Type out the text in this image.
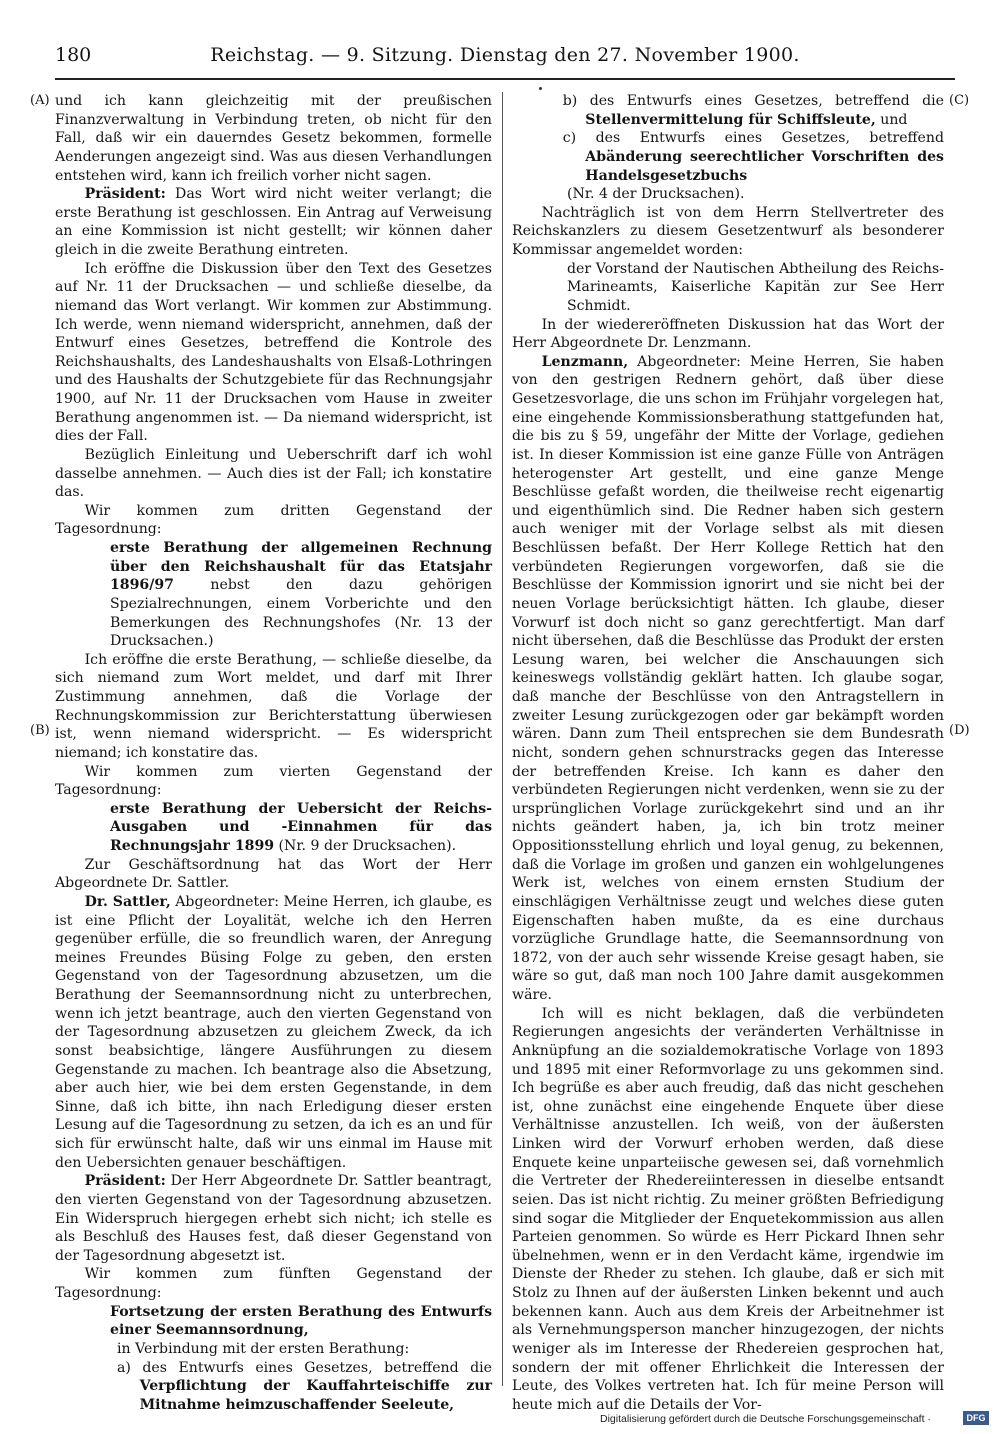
180	Reichstag. — 9. Sitzung. Dienstag den 27. November 1900.
(A)
(B)
(C)
(D)

und ich kann gleichzeitig mit der preußischen Finanzverwaltung in Verbindung treten, ob nicht für den Fall, daß wir ein dauerndes Gesetz bekommen, formelle Aenderungen angezeigt sind. Was aus diesen Verhandlungen entstehen wird, kann ich freilich vorher nicht sagen.

Präsident: Das Wort wird nicht weiter verlangt; die erste Berathung ist geschlossen. Ein Antrag auf Verweisung an eine Kommission ist nicht gestellt; wir können daher gleich in die zweite Berathung eintreten.

Ich eröffne die Diskussion über den Text des Gesetzes auf Nr. 11 der Drucksachen — und schließe dieselbe, da niemand das Wort verlangt. Wir kommen zur Abstimmung. Ich werde, wenn niemand widerspricht, annehmen, daß der Entwurf eines Gesetzes, betreffend die Kontrole des Reichshaushalts, des Landeshaushalts von Elsaß-Lothringen und des Haushalts der Schutzgebiete für das Rechnungsjahr 1900, auf Nr. 11 der Drucksachen vom Hause in zweiter Berathung angenommen ist. — Da niemand widerspricht, ist dies der Fall.

Bezüglich Einleitung und Ueberschrift darf ich wohl dasselbe annehmen. — Auch dies ist der Fall; ich konstatire das.

Wir kommen zum dritten Gegenstand der Tagesordnung:

erste Berathung der allgemeinen Rechnung über den Reichshaushalt für das Etatsjahr 1896/97 nebst den dazu gehörigen Spezialrechnungen, einem Vorberichte und den Bemerkungen des Rechnungshofes (Nr. 13 der Drucksachen.)

Ich eröffne die erste Berathung, — schließe dieselbe, da sich niemand zum Wort meldet, und darf mit Ihrer Zustimmung annehmen, daß die Vorlage der Rechnungskommission zur Berichterstattung überwiesen ist, wenn niemand widerspricht. — Es widerspricht niemand; ich konstatire das.

Wir kommen zum vierten Gegenstand der Tagesordnung:

erste Berathung der Uebersicht der Reichs-Ausgaben und -Einnahmen für das Rechnungsjahr 1899 (Nr. 9 der Drucksachen).

Zur Geschäftsordnung hat das Wort der Herr Abgeordnete Dr. Sattler.

Dr. Sattler, Abgeordneter: Meine Herren, ich glaube, es ist eine Pflicht der Loyalität, welche ich den Herren gegenüber erfülle, die so freundlich waren, der Anregung meines Freundes Büsing Folge zu geben, den ersten Gegenstand von der Tagesordnung abzusetzen, um die Berathung der Seemannsordnung nicht zu unterbrechen, wenn ich jetzt beantrage, auch den vierten Gegenstand von der Tagesordnung abzusetzen zu gleichem Zweck, da ich sonst beabsichtige, längere Ausführungen zu diesem Gegenstande zu machen. Ich beantrage also die Absetzung, aber auch hier, wie bei dem ersten Gegenstande, in dem Sinne, daß ich bitte, ihn nach Erledigung dieser ersten Lesung auf die Tagesordnung zu setzen, da ich es an und für sich für erwünscht halte, daß wir uns einmal im Hause mit den Uebersichten genauer beschäftigen.

Präsident: Der Herr Abgeordnete Dr. Sattler beantragt, den vierten Gegenstand von der Tagesordnung abzusetzen. Ein Widerspruch hiergegen erhebt sich nicht; ich stelle es als Beschluß des Hauses fest, daß dieser Gegenstand von der Tagesordnung abgesetzt ist.

Wir kommen zum fünften Gegenstand der Tagesordnung:

Fortsetzung der ersten Berathung des Entwurfs einer Seemannsordnung,

in Verbindung mit der ersten Berathung:

a) des Entwurfs eines Gesetzes, betreffend die Verpflichtung der Kauffahrteischiffe zur Mitnahme heimzuschaffender Seeleute,

b) des Entwurfs eines Gesetzes, betreffend die Stellenvermittelung für Schiffsleute, und

c) des Entwurfs eines Gesetzes, betreffend Abänderung seerechtlicher Vorschriften des Handelsgesetzbuchs

(Nr. 4 der Drucksachen).

Nachträglich ist von dem Herrn Stellvertreter des Reichskanzlers zu diesem Gesetzentwurf als besonderer Kommissar angemeldet worden:

der Vorstand der Nautischen Abtheilung des Reichs-Marineamts, Kaiserliche Kapitän zur See Herr Schmidt.

In der wiedereröffneten Diskussion hat das Wort der Herr Abgeordnete Dr. Lenzmann.

Lenzmann, Abgeordneter: Meine Herren, Sie haben von den gestrigen Rednern gehört, daß über diese Gesetzesvorlage, die uns schon im Frühjahr vorgelegen hat, eine eingehende Kommissionsberathung stattgefunden hat, die bis zu § 59, ungefähr der Mitte der Vorlage, gediehen ist. In dieser Kommission ist eine ganze Fülle von Anträgen heterogenster Art gestellt, und eine ganze Menge Beschlüsse gefaßt worden, die theilweise recht eigenartig und eigenthümlich sind. Die Redner haben sich gestern auch weniger mit der Vorlage selbst als mit diesen Beschlüssen befaßt. Der Herr Kollege Rettich hat den verbündeten Regierungen vorgeworfen, daß sie die Beschlüsse der Kommission ignorirt und sie nicht bei der neuen Vorlage berücksichtigt hätten. Ich glaube, dieser Vorwurf ist doch nicht so ganz gerechtfertigt. Man darf nicht übersehen, daß die Beschlüsse das Produkt der ersten Lesung waren, bei welcher die Anschauungen sich keineswegs vollständig geklärt hatten. Ich glaube sogar, daß manche der Beschlüsse von den Antragstellern in zweiter Lesung zurückgezogen oder gar bekämpft worden wären. Dann zum Theil entsprechen sie dem Bundesrath nicht, sondern gehen schnurstracks gegen das Interesse der betreffenden Kreise. Ich kann es daher den verbündeten Regierungen nicht verdenken, wenn sie zu der ursprünglichen Vorlage zurückgekehrt sind und an ihr nichts geändert haben, ja, ich bin trotz meiner Oppositionsstellung ehrlich und loyal genug, zu bekennen, daß die Vorlage im großen und ganzen ein wohlgelungenes Werk ist, welches von einem ernsten Studium der einschlägigen Verhältnisse zeugt und welches diese guten Eigenschaften haben mußte, da es eine durchaus vorzügliche Grundlage hatte, die Seemannsordnung von 1872, von der auch sehr wissende Kreise gesagt haben, sie wäre so gut, daß man noch 100 Jahre damit ausgekommen wäre.

Ich will es nicht beklagen, daß die verbündeten Regierungen angesichts der veränderten Verhältnisse in Anknüpfung an die sozialdemokratische Vorlage von 1893 und 1895 mit einer Reformvorlage zu uns gekommen sind. Ich begrüße es aber auch freudig, daß das nicht geschehen ist, ohne zunächst eine eingehende Enquete über diese Verhältnisse anzustellen. Ich weiß, von der äußersten Linken wird der Vorwurf erhoben werden, daß diese Enquete keine unparteiische gewesen sei, daß vornehmlich die Vertreter der Rhedereiinteressen in dieselbe entsandt seien. Das ist nicht richtig. Zu meiner größten Befriedigung sind sogar die Mitglieder der Enquetekommission aus allen Parteien genommen. So würde es Herr Pickard Ihnen sehr übelnehmen, wenn er in den Verdacht käme, irgendwie im Dienste der Rheder zu stehen. Ich glaube, daß er sich mit Stolz zu Ihnen auf der äußersten Linken bekennt und auch bekennen kann. Auch aus dem Kreis der Arbeitnehmer ist als Vernehmungsperson mancher hinzugezogen, der nichts weniger als im Interesse der Rhedereien gesprochen hat, sondern der mit offener Ehrlichkeit die Interessen der Leute, des Volkes vertreten hat. Ich für meine Person will heute mich auf die Details der Vor-

Digitalisierung gefördert durch die Deutsche Forschungsgemeinschaft ·	DFG
